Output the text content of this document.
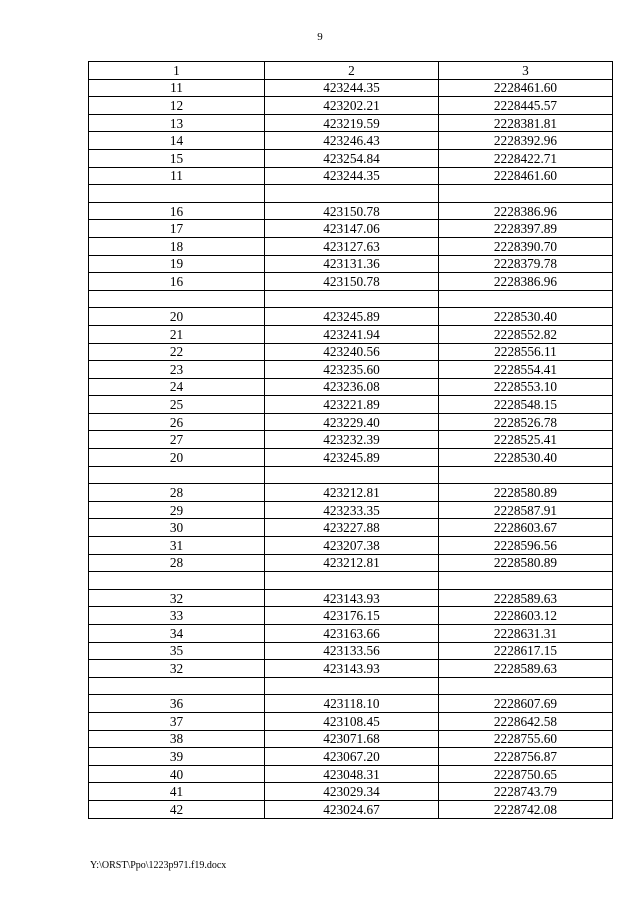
9
1	2	3
11	423244.35	2228461.60
12	423202.21	2228445.57
13	423219.59	2228381.81
14	423246.43	2228392.96
15	423254.84	2228422.71
11	423244.35	2228461.60

16	423150.78	2228386.96
17	423147.06	2228397.89
18	423127.63	2228390.70
19	423131.36	2228379.78
16	423150.78	2228386.96

20	423245.89	2228530.40
21	423241.94	2228552.82
22	423240.56	2228556.11
23	423235.60	2228554.41
24	423236.08	2228553.10
25	423221.89	2228548.15
26	423229.40	2228526.78
27	423232.39	2228525.41
20	423245.89	2228530.40

28	423212.81	2228580.89
29	423233.35	2228587.91
30	423227.88	2228603.67
31	423207.38	2228596.56
28	423212.81	2228580.89

32	423143.93	2228589.63
33	423176.15	2228603.12
34	423163.66	2228631.31
35	423133.56	2228617.15
32	423143.93	2228589.63

36	423118.10	2228607.69
37	423108.45	2228642.58
38	423071.68	2228755.60
39	423067.20	2228756.87
40	423048.31	2228750.65
41	423029.34	2228743.79
42	423024.67	2228742.08
Y:\ORST\Ppo\1223p971.f19.docx
